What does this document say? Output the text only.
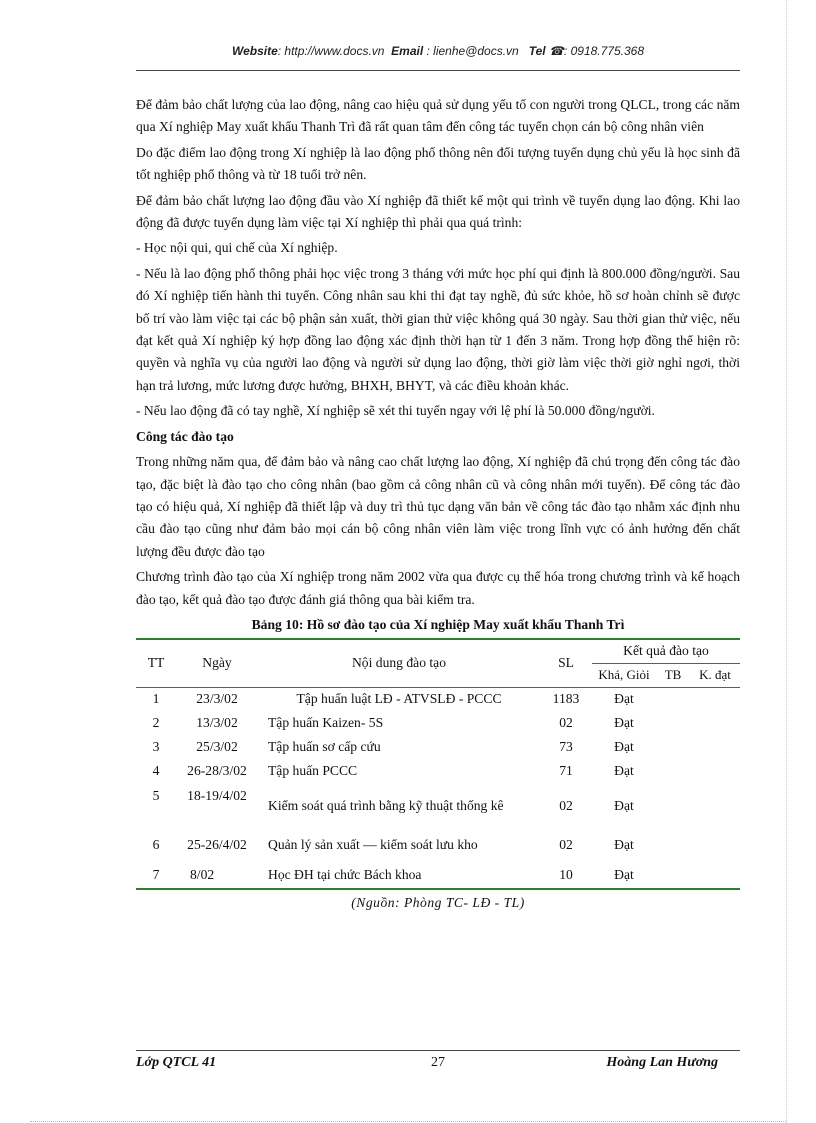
Website: http://www.docs.vn Email : lienhe@docs.vn Tel ☎: 0918.775.368

Để đảm bảo chất lượng của lao động, nâng cao hiệu quả sử dụng yếu tố con người trong QLCL, trong các năm qua Xí nghiệp May xuất khẩu Thanh Trì đã rất quan tâm đến công tác tuyển chọn cán bộ công nhân viên

Do đặc điểm lao động trong Xí nghiệp là lao động phổ thông nên đối tượng tuyển dụng chủ yếu là học sinh đã tốt nghiệp phổ thông và từ 18 tuổi trở nên.

Để đảm bảo chất lượng lao động đầu vào Xí nghiệp đã thiết kế một qui trình về tuyển dụng lao động. Khi lao động đã được tuyển dụng làm việc tại Xí nghiệp thì phải qua quá trình:

- Học nội qui, qui chế của Xí nghiệp.

- Nếu là lao động phổ thông phải học việc trong 3 tháng với mức học phí qui định là 800.000 đồng/người. Sau đó Xí nghiệp tiến hành thi tuyển. Công nhân sau khi thi đạt tay nghề, đủ sức khỏe, hồ sơ hoàn chỉnh sẽ được bố trí vào làm việc tại các bộ phận sản xuất, thời gian thử việc không quá 30 ngày. Sau thời gian thử việc, nếu đạt kết quả Xí nghiệp ký hợp đồng lao động xác định thời hạn từ 1 đến 3 năm. Trong hợp đồng thể hiện rõ: quyền và nghĩa vụ của người lao động và người sử dụng lao động, thời giờ làm việc thời giờ nghỉ ngơi, thời hạn trả lương, mức lương được hưởng, BHXH, BHYT, và các điều khoản khác.

- Nếu lao động đã có tay nghề, Xí nghiệp sẽ xét thi tuyển ngay với lệ phí là 50.000 đồng/người.

Công tác đào tạo

Trong những năm qua, để đảm bảo và nâng cao chất lượng lao động, Xí nghiệp đã chú trọng đến công tác đào tạo, đặc biệt là đào tạo cho công nhân (bao gồm cả công nhân cũ và công nhân mới tuyển). Để công tác đào tạo có hiệu quả, Xí nghiệp đã thiết lập và duy trì thủ tục dạng văn bản về công tác đào tạo nhằm xác định nhu cầu đào tạo cũng như đảm bảo mọi cán bộ công nhân viên làm việc trong lĩnh vực có ảnh hưởng đến chất lượng đều được đào tạo

Chương trình đào tạo của Xí nghiệp trong năm 2002 vừa qua được cụ thể hóa trong chương trình và kế hoạch đào tạo, kết quả đào tạo được đánh giá thông qua bài kiểm tra.

Bảng 10: Hồ sơ đào tạo của Xí nghiệp May xuất khẩu Thanh Trì
TT	Ngày	Nội dung đào tạo	SL	Kết quả đào tạo		
				Khá, Giỏi	TB	K. đạt
1	23/3/02	Tập huấn luật LĐ - ATVSLĐ - PCCC	1183	Đạt		
2	13/3/02	Tập huấn Kaizen- 5S	02	Đạt		
3	25/3/02	Tập huấn sơ cấp cứu	73	Đạt		
4	26-28/3/02	Tập huấn PCCC	71	Đạt		
5	18-19/4/02	Kiểm soát quá trình bằng kỹ thuật thống kê	02	Đạt		
6	25-26/4/02	Quản lý sản xuất — kiểm soát lưu kho	02	Đạt		
7	8/02	Học ĐH tại chức Bách khoa	10	Đạt		
(Nguồn: Phòng TC- LĐ - TL)
27
Lớp QTCL 41	Hoàng Lan Hương
